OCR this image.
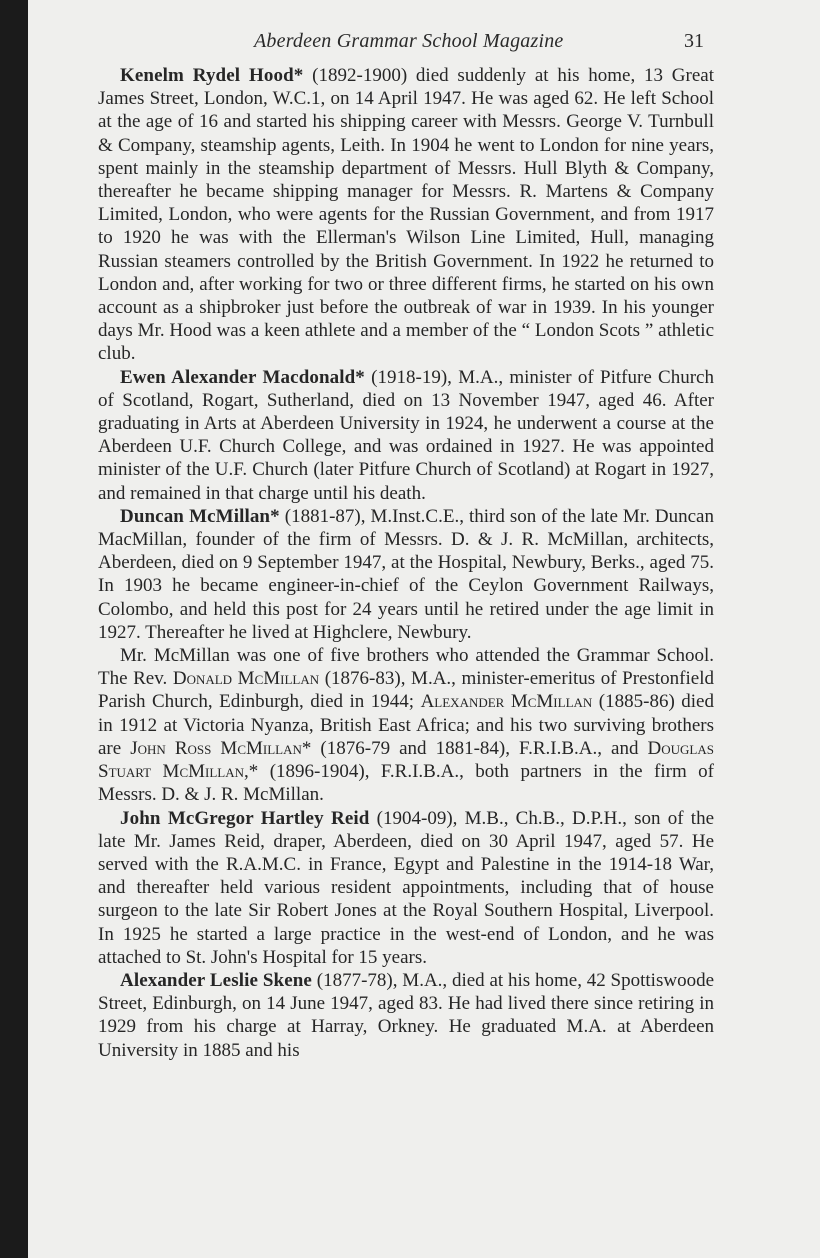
Aberdeen Grammar School Magazine	31

Kenelm Rydel Hood* (1892-1900) died suddenly at his home, 13 Great James Street, London, W.C.1, on 14 April 1947. He was aged 62. He left School at the age of 16 and started his shipping career with Messrs. George V. Turnbull & Company, steamship agents, Leith. In 1904 he went to London for nine years, spent mainly in the steamship department of Messrs. Hull Blyth & Company, thereafter he became shipping manager for Messrs. R. Martens & Company Limited, London, who were agents for the Russian Government, and from 1917 to 1920 he was with the Ellerman's Wilson Line Limited, Hull, managing Russian steamers controlled by the British Government. In 1922 he returned to London and, after working for two or three different firms, he started on his own account as a shipbroker just before the outbreak of war in 1939. In his younger days Mr. Hood was a keen athlete and a member of the “ London Scots ” athletic club.

Ewen Alexander Macdonald* (1918-19), M.A., minister of Pitfure Church of Scotland, Rogart, Sutherland, died on 13 November 1947, aged 46. After graduating in Arts at Aberdeen University in 1924, he underwent a course at the Aberdeen U.F. Church College, and was ordained in 1927. He was appointed minister of the U.F. Church (later Pitfure Church of Scotland) at Rogart in 1927, and remained in that charge until his death.

Duncan McMillan* (1881-87), M.Inst.C.E., third son of the late Mr. Duncan MacMillan, founder of the firm of Messrs. D. & J. R. McMillan, architects, Aberdeen, died on 9 September 1947, at the Hospital, Newbury, Berks., aged 75. In 1903 he became engineer-in-chief of the Ceylon Government Railways, Colombo, and held this post for 24 years until he retired under the age limit in 1927. Thereafter he lived at Highclere, Newbury.

Mr. McMillan was one of five brothers who attended the Grammar School. The Rev. Donald McMillan (1876-83), M.A., minister-emeritus of Prestonfield Parish Church, Edinburgh, died in 1944; Alexander McMillan (1885-86) died in 1912 at Victoria Nyanza, British East Africa; and his two surviving brothers are John Ross McMillan* (1876-79 and 1881-84), F.R.I.B.A., and Douglas Stuart McMillan,* (1896-1904), F.R.I.B.A., both partners in the firm of Messrs. D. & J. R. McMillan.

John McGregor Hartley Reid (1904-09), M.B., Ch.B., D.P.H., son of the late Mr. James Reid, draper, Aberdeen, died on 30 April 1947, aged 57. He served with the R.A.M.C. in France, Egypt and Palestine in the 1914-18 War, and thereafter held various resident appointments, including that of house surgeon to the late Sir Robert Jones at the Royal Southern Hospital, Liverpool. In 1925 he started a large practice in the west-end of London, and he was attached to St. John's Hospital for 15 years.

Alexander Leslie Skene (1877-78), M.A., died at his home, 42 Spottiswoode Street, Edinburgh, on 14 June 1947, aged 83. He had lived there since retiring in 1929 from his charge at Harray, Orkney. He graduated M.A. at Aberdeen University in 1885 and his
